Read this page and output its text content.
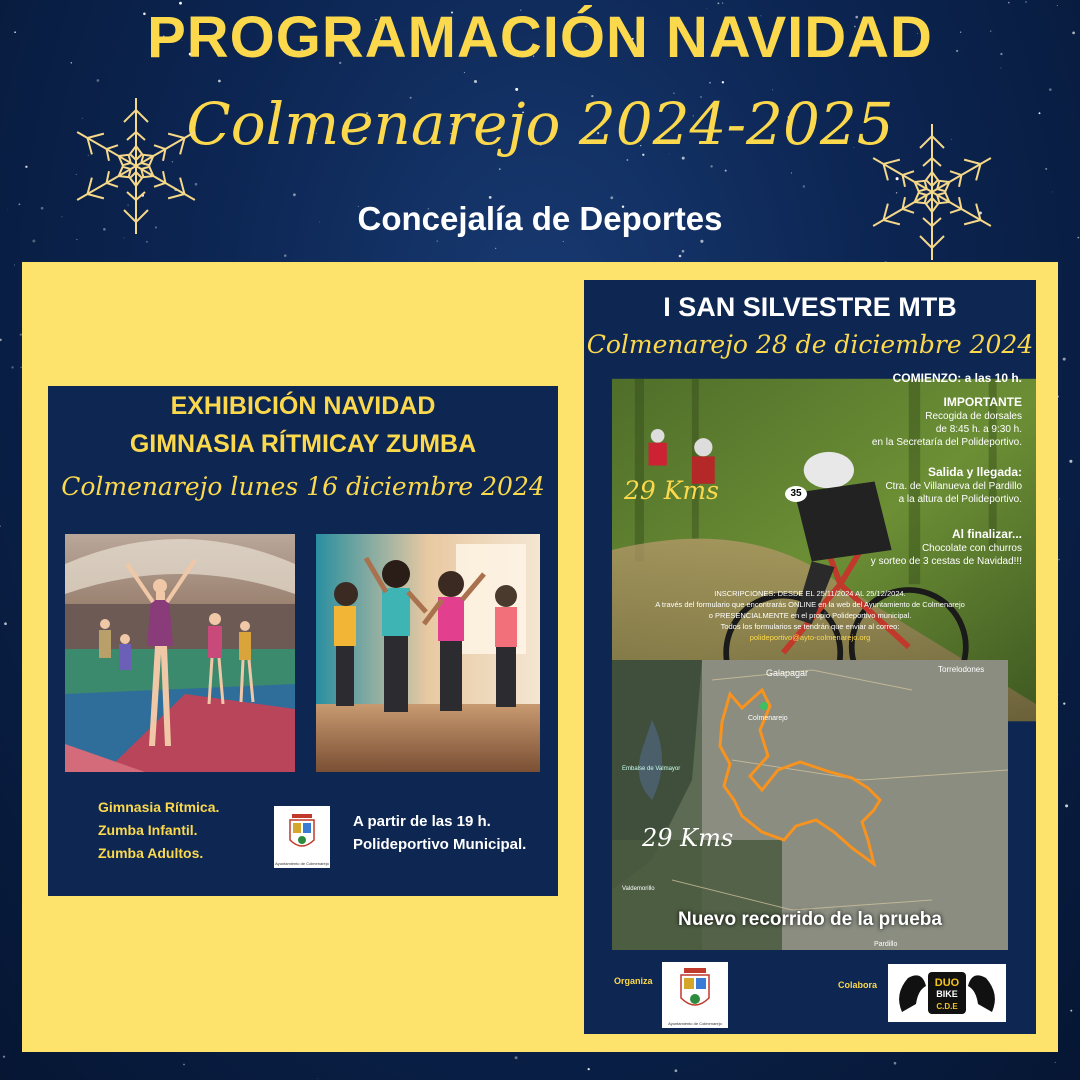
PROGRAMACIÓN NAVIDAD
Colmenarejo 2024-2025
Concejalía de Deportes
EXHIBICIÓN NAVIDAD
GIMNASIA RÍTMICAY ZUMBA
Colmenarejo lunes 16 diciembre 2024
Gimnasia Rítmica.
Zumba Infantil.
Zumba Adultos.
Ayuntamiento de Colmenarejo
A partir de las 19 h.
Polideportivo Municipal.
I SAN SILVESTRE MTB
Colmenarejo 28 de diciembre 2024
COMIENZO: a las 10 h.
IMPORTANTE
Recogida de dorsales
de 8:45 h. a 9:30 h.
en la Secretaría del Polideportivo.
Salida y llegada:
Ctra. de Villanueva del Pardillo
a la altura del Polideportivo.
Al finalizar...
Chocolate con churros
y sorteo de 3 cestas de Navidad!!!
29 Kms	35
INSCRIPCIONES: DESDE EL 25/11/2024 AL 25/12/2024.
A través del formulario que encontrarás ONLINE en la web del Ayuntamiento de Colmenarejo
o PRESENCIALMENTE en el propio Polideportivo municipal.
Todos los formularios se tendrán que enviar al correo:
polideportivo@ayto-colmenarejo.org
Galapagar	Torrelodones
Colmenarejo
Embalse de Valmayor
Valdemorillo
Pardillo
29 Kms
Nuevo recorrido de la prueba
Organiza
Ayuntamiento de Colmenarejo
Colabora	DUO
BIKE
C.D.E
